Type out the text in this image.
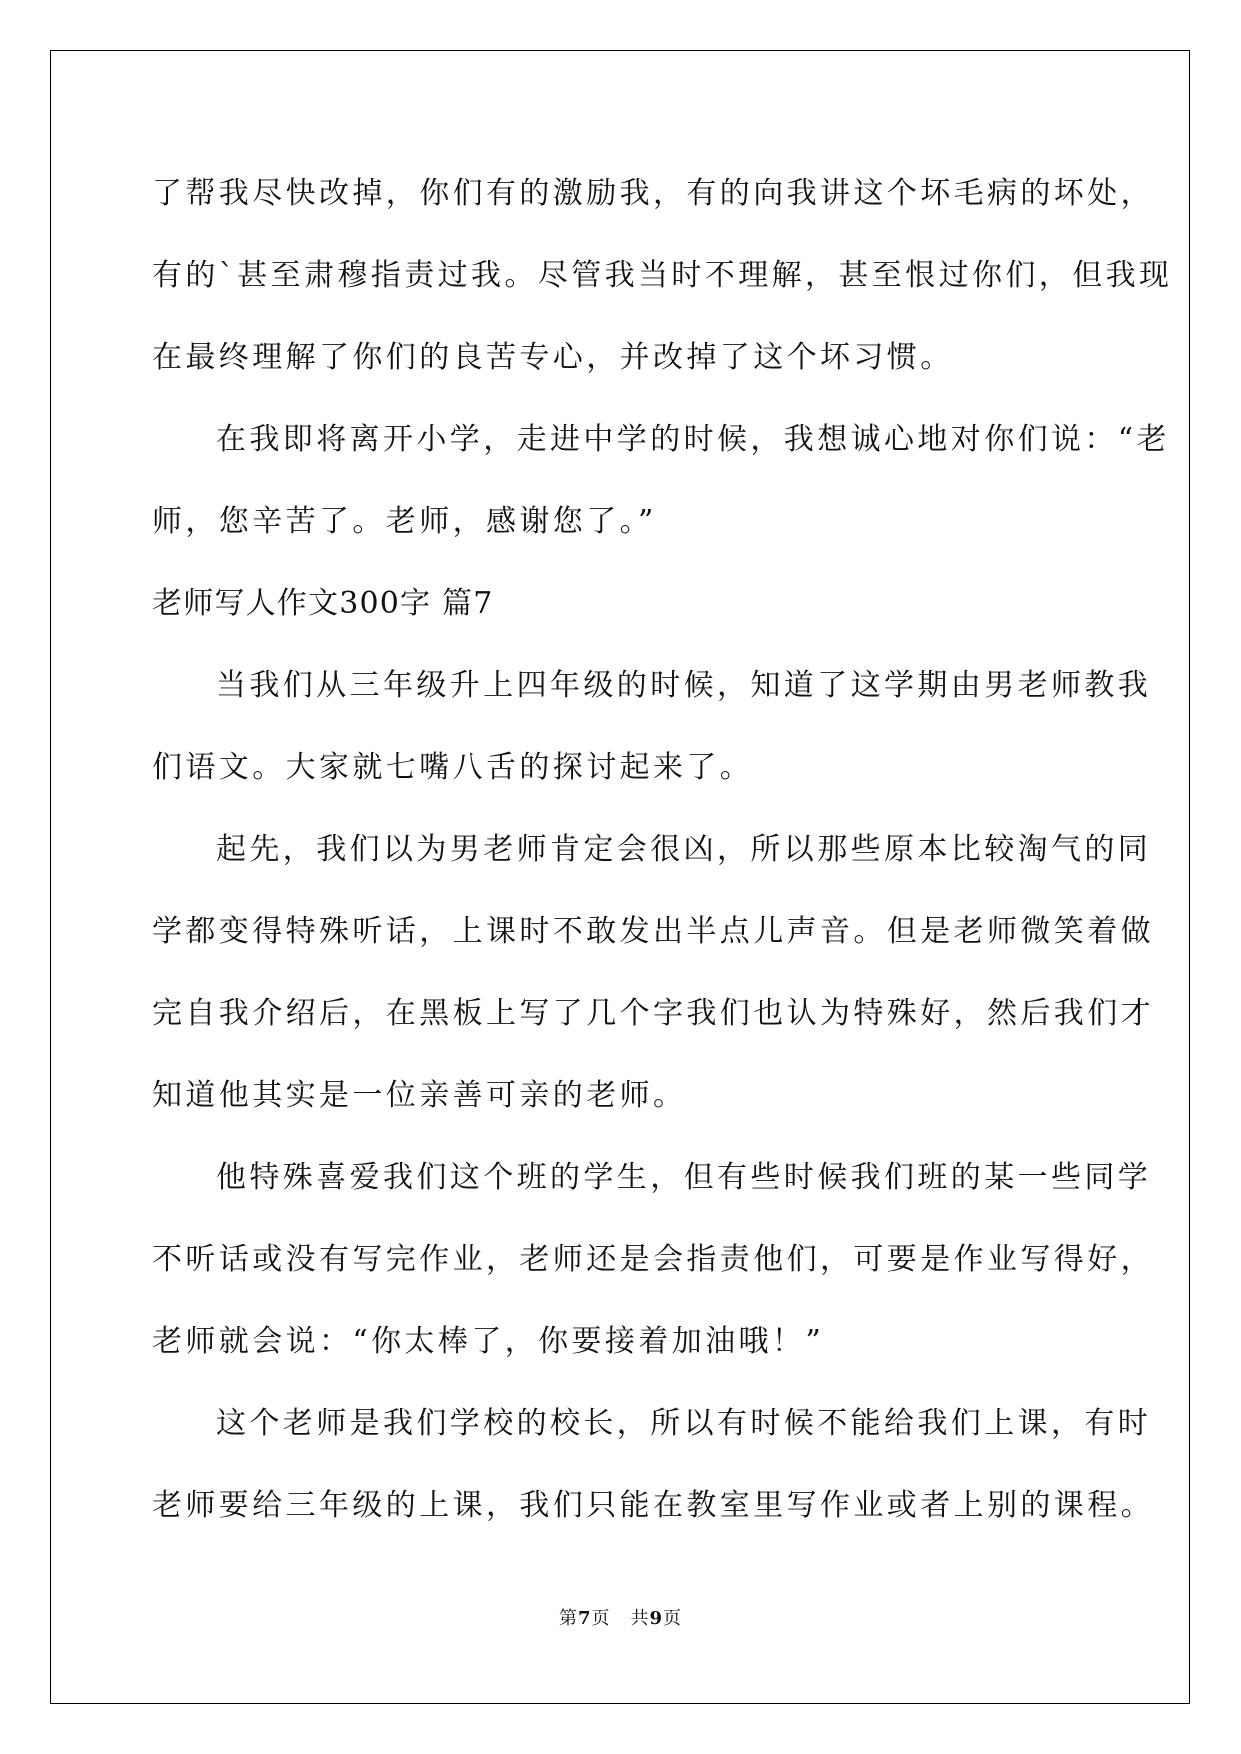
了帮我尽快改掉，你们有的激励我，有的向我讲这个坏毛病的坏处，
有的`甚至肃穆指责过我。尽管我当时不理解，甚至恨过你们，但我现
在最终理解了你们的良苦专心，并改掉了这个坏习惯。
在我即将离开小学，走进中学的时候，我想诚心地对你们说：“老
师，您辛苦了。老师，感谢您了。”
老师写人作文300字 篇7
当我们从三年级升上四年级的时候，知道了这学期由男老师教我
们语文。大家就七嘴八舌的探讨起来了。
起先，我们以为男老师肯定会很凶，所以那些原本比较淘气的同
学都变得特殊听话，上课时不敢发出半点儿声音。但是老师微笑着做
完自我介绍后，在黑板上写了几个字我们也认为特殊好，然后我们才
知道他其实是一位亲善可亲的老师。
他特殊喜爱我们这个班的学生，但有些时候我们班的某一些同学
不听话或没有写完作业，老师还是会指责他们，可要是作业写得好，
老师就会说：“你太棒了，你要接着加油哦！”
这个老师是我们学校的校长，所以有时候不能给我们上课，有时
老师要给三年级的上课，我们只能在教室里写作业或者上别的课程。
第7页 共9页
